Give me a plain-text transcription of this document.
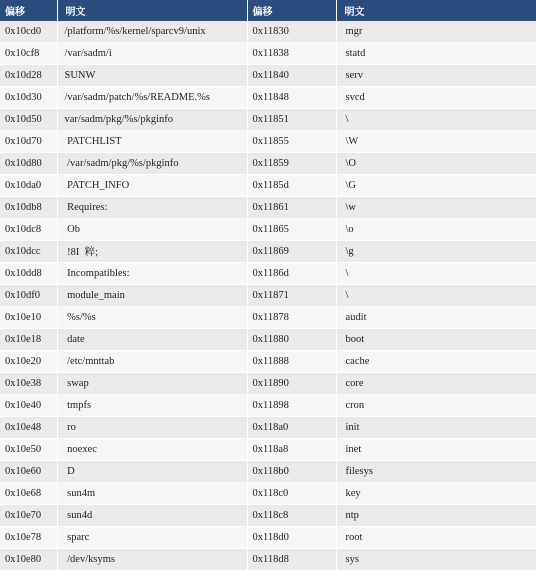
偏移	明文	偏移	明文
0x10cd0	/platform/%s/kernel/sparcv9/unix	0x11830	mgr
0x10cf8	/var/sadm/i	0x11838	statd
0x10d28	SUNW	0x11840	serv
0x10d30	/var/sadm/patch/%s/README.%s	0x11848	svcd
0x10d50	var/sadm/pkg/%s/pkginfo	0x11851	\
0x10d70	PATCHLIST	0x11855	\W
0x10d80	/var/sadm/pkg/%s/pkginfo	0x11859	\O
0x10da0	PATCH_INFO	0x1185d	\G
0x10db8	Requires:	0x11861	\w
0x10dc8	Ob	0x11865	\o
0x10dcc	!8I  粹;	0x11869	\g
0x10dd8	Incompatibles:	0x1186d	\
0x10df0	module_main	0x11871	\
0x10e10	%s/%s	0x11878	audit
0x10e18	date	0x11880	boot
0x10e20	/etc/mnttab	0x11888	cache
0x10e38	swap	0x11890	core
0x10e40	tmpfs	0x11898	cron
0x10e48	ro	0x118a0	init
0x10e50	noexec	0x118a8	inet
0x10e60	D	0x118b0	filesys
0x10e68	sun4m	0x118c0	key
0x10e70	sun4d	0x118c8	ntp
0x10e78	sparc	0x118d0	root
0x10e80	/dev/ksyms	0x118d8	sys
